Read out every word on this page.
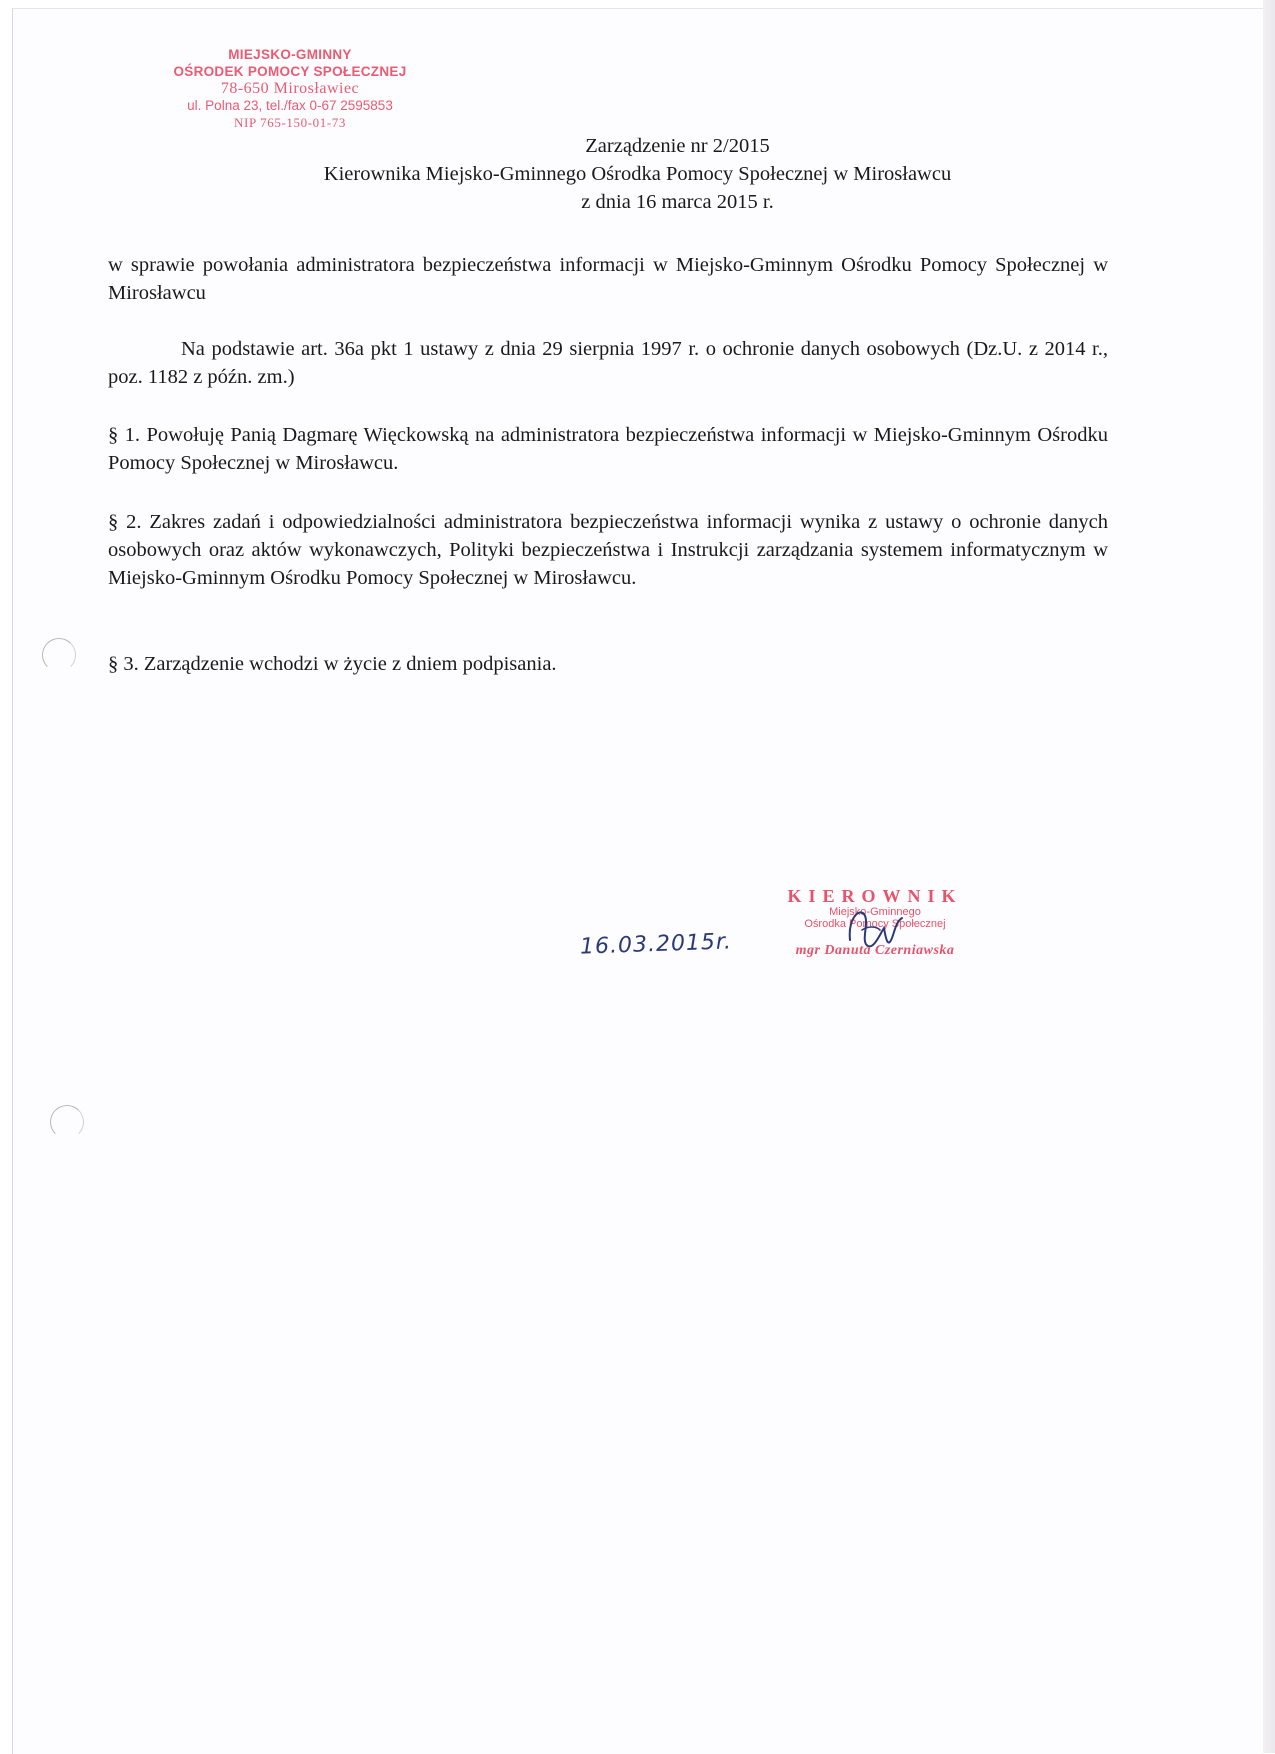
MIEJSKO-GMINNY
OŚRODEK POMOCY SPOŁECZNEJ
78-650 Mirosławiec
ul. Polna 23, tel./fax 0-67 2595853
NIP 765-150-01-73
Zarządzenie nr 2/2015
Kierownika Miejsko-Gminnego Ośrodka Pomocy Społecznej w Mirosławcu
z dnia 16 marca 2015 r.
w sprawie powołania administratora bezpieczeństwa informacji w Miejsko-Gminnym Ośrodku Pomocy Społecznej w Mirosławcu
Na podstawie art. 36a pkt 1 ustawy z dnia 29 sierpnia 1997 r. o ochronie danych osobowych (Dz.U. z 2014 r., poz. 1182 z późn. zm.)
§ 1. Powołuję Panią Dagmarę Więckowską na administratora bezpieczeństwa informacji w Miejsko-Gminnym Ośrodku Pomocy Społecznej w Mirosławcu.
§ 2. Zakres zadań i odpowiedzialności administratora bezpieczeństwa informacji wynika z ustawy o ochronie danych osobowych oraz aktów wykonawczych, Polityki bezpieczeństwa i Instrukcji zarządzania systemem informatycznym w Miejsko-Gminnym Ośrodku Pomocy Społecznej w Mirosławcu.
§ 3. Zarządzenie wchodzi w życie z dniem podpisania.
16.03.2015r.
KIEROWNIK
Miejsko-Gminnego
Ośrodka Pomocy Społecznej
mgr Danuta Czerniawska
